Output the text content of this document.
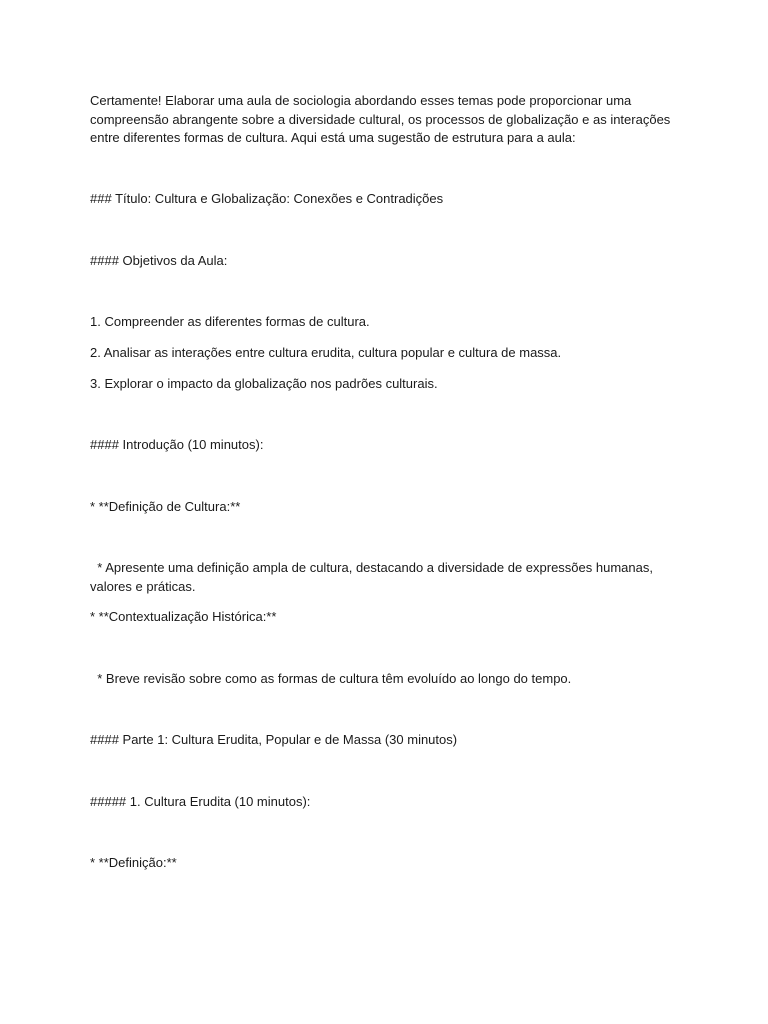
Certamente! Elaborar uma aula de sociologia abordando esses temas pode proporcionar uma compreensão abrangente sobre a diversidade cultural, os processos de globalização e as interações entre diferentes formas de cultura. Aqui está uma sugestão de estrutura para a aula:

### Título: Cultura e Globalização: Conexões e Contradições

#### Objetivos da Aula:

1. Compreender as diferentes formas de cultura.

2. Analisar as interações entre cultura erudita, cultura popular e cultura de massa.

3. Explorar o impacto da globalização nos padrões culturais.

#### Introdução (10 minutos):

* **Definição de Cultura:**

* Apresente uma definição ampla de cultura, destacando a diversidade de expressões humanas, valores e práticas.

* **Contextualização Histórica:**

* Breve revisão sobre como as formas de cultura têm evoluído ao longo do tempo.

#### Parte 1: Cultura Erudita, Popular e de Massa (30 minutos)

##### 1. Cultura Erudita (10 minutos):

* **Definição:**
